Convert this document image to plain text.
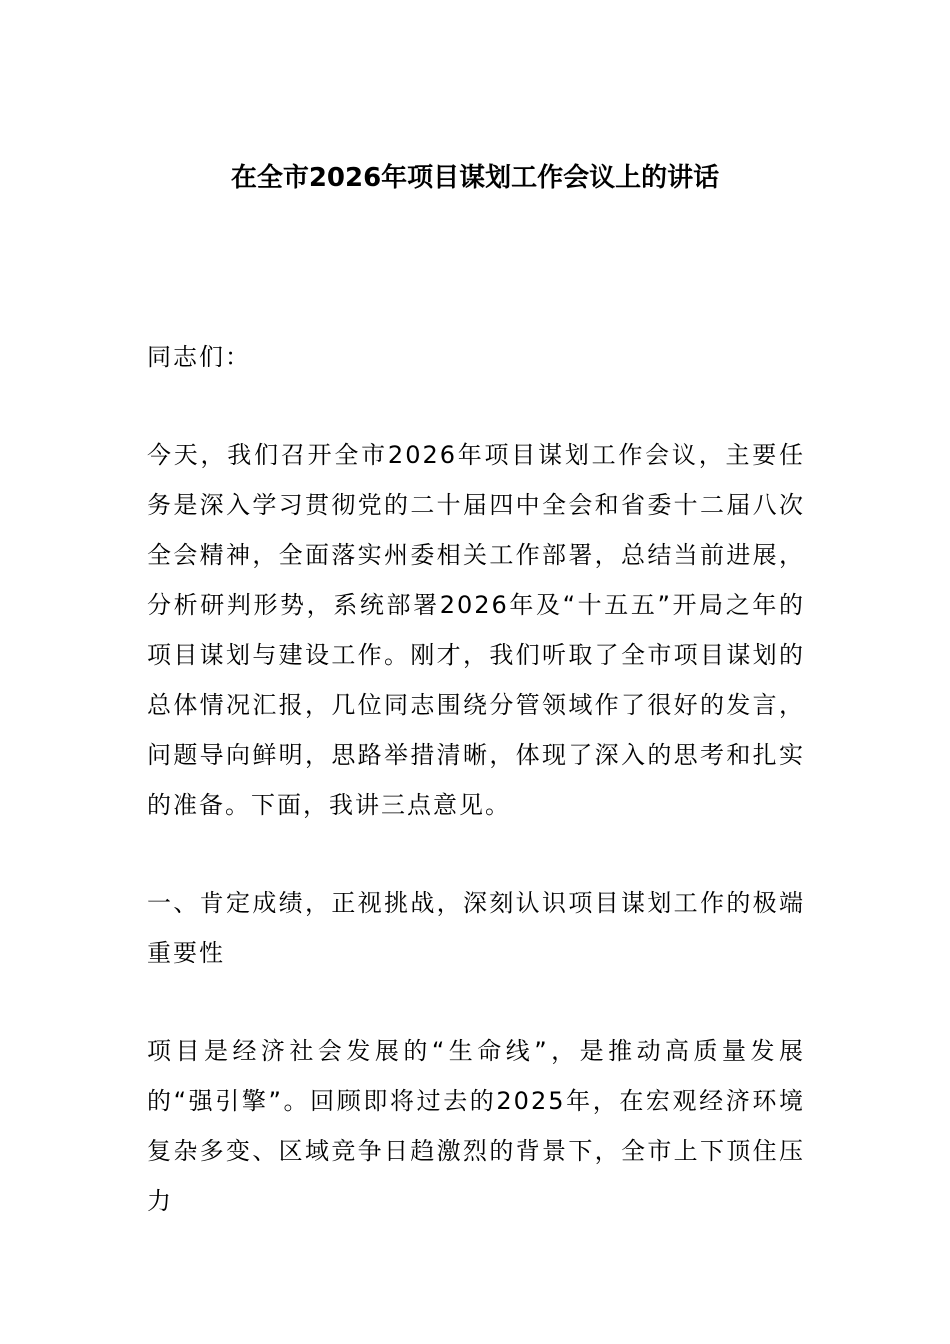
在全市2026年项目谋划工作会议上的讲话

同志们：

今天，我们召开全市2026年项目谋划工作会议，主要任务是深入学习贯彻党的二十届四中全会和省委十二届八次全会精神，全面落实州委相关工作部署，总结当前进展，分析研判形势，系统部署2026年及“十五五”开局之年的项目谋划与建设工作。刚才，我们听取了全市项目谋划的总体情况汇报，几位同志围绕分管领域作了很好的发言，问题导向鲜明，思路举措清晰，体现了深入的思考和扎实的准备。下面，我讲三点意见。

一、肯定成绩，正视挑战，深刻认识项目谋划工作的极端重要性

项目是经济社会发展的“生命线”，是推动高质量发展的“强引擎”。回顾即将过去的2025年，在宏观经济环境复杂多变、区域竞争日趋激烈的背景下，全市上下顶住压力
